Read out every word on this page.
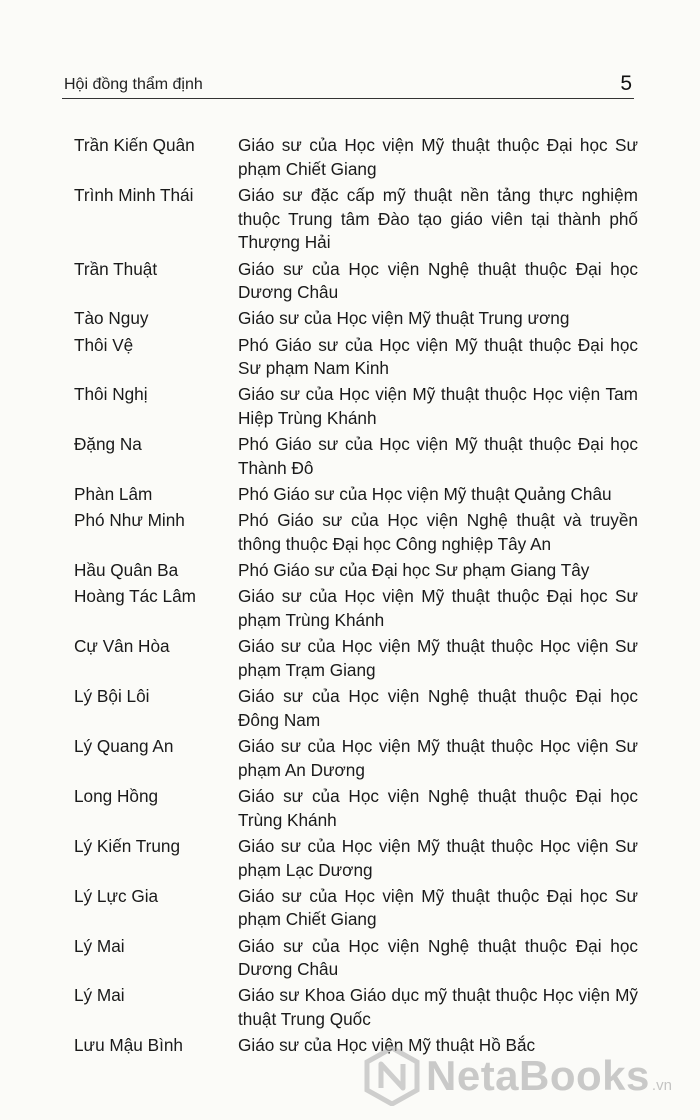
Hội đồng thẩm định	5
Trần Kiến Quân	Giáo sư của Học viện Mỹ thuật thuộc Đại học Sư phạm Chiết Giang
Trình Minh Thái	Giáo sư đặc cấp mỹ thuật nền tảng thực nghiệm thuộc Trung tâm Đào tạo giáo viên tại thành phố Thượng Hải
Trần Thuật	Giáo sư của Học viện Nghệ thuật thuộc Đại học Dương Châu
Tào Nguy	Giáo sư của Học viện Mỹ thuật Trung ương
Thôi Vệ	Phó Giáo sư của Học viện Mỹ thuật thuộc Đại học Sư phạm Nam Kinh
Thôi Nghị	Giáo sư của Học viện Mỹ thuật thuộc Học viện Tam Hiệp Trùng Khánh
Đặng Na	Phó Giáo sư của Học viện Mỹ thuật thuộc Đại học Thành Đô
Phàn Lâm	Phó Giáo sư của Học viện Mỹ thuật Quảng Châu
Phó Như Minh	Phó Giáo sư của Học viện Nghệ thuật và truyền thông thuộc Đại học Công nghiệp Tây An
Hầu Quân Ba	Phó Giáo sư của Đại học Sư phạm Giang Tây
Hoàng Tác Lâm	Giáo sư của Học viện Mỹ thuật thuộc Đại học Sư phạm Trùng Khánh
Cự Vân Hòa	Giáo sư của Học viện Mỹ thuật thuộc Học viện Sư phạm Trạm Giang
Lý Bội Lôi	Giáo sư của Học viện Nghệ thuật thuộc Đại học Đông Nam
Lý Quang An	Giáo sư của Học viện Mỹ thuật thuộc Học viện Sư phạm An Dương
Long Hồng	Giáo sư của Học viện Nghệ thuật thuộc Đại học Trùng Khánh
Lý Kiến Trung	Giáo sư của Học viện Mỹ thuật thuộc Học viện Sư phạm Lạc Dương
Lý Lực Gia	Giáo sư của Học viện Mỹ thuật thuộc Đại học Sư phạm Chiết Giang
Lý Mai	Giáo sư của Học viện Nghệ thuật thuộc Đại học Dương Châu
Lý Mai	Giáo sư Khoa Giáo dục mỹ thuật thuộc Học viện Mỹ thuật Trung Quốc
Lưu Mậu Bình	Giáo sư của Học viện Mỹ thuật Hồ Bắc
NetaBooks .vn
